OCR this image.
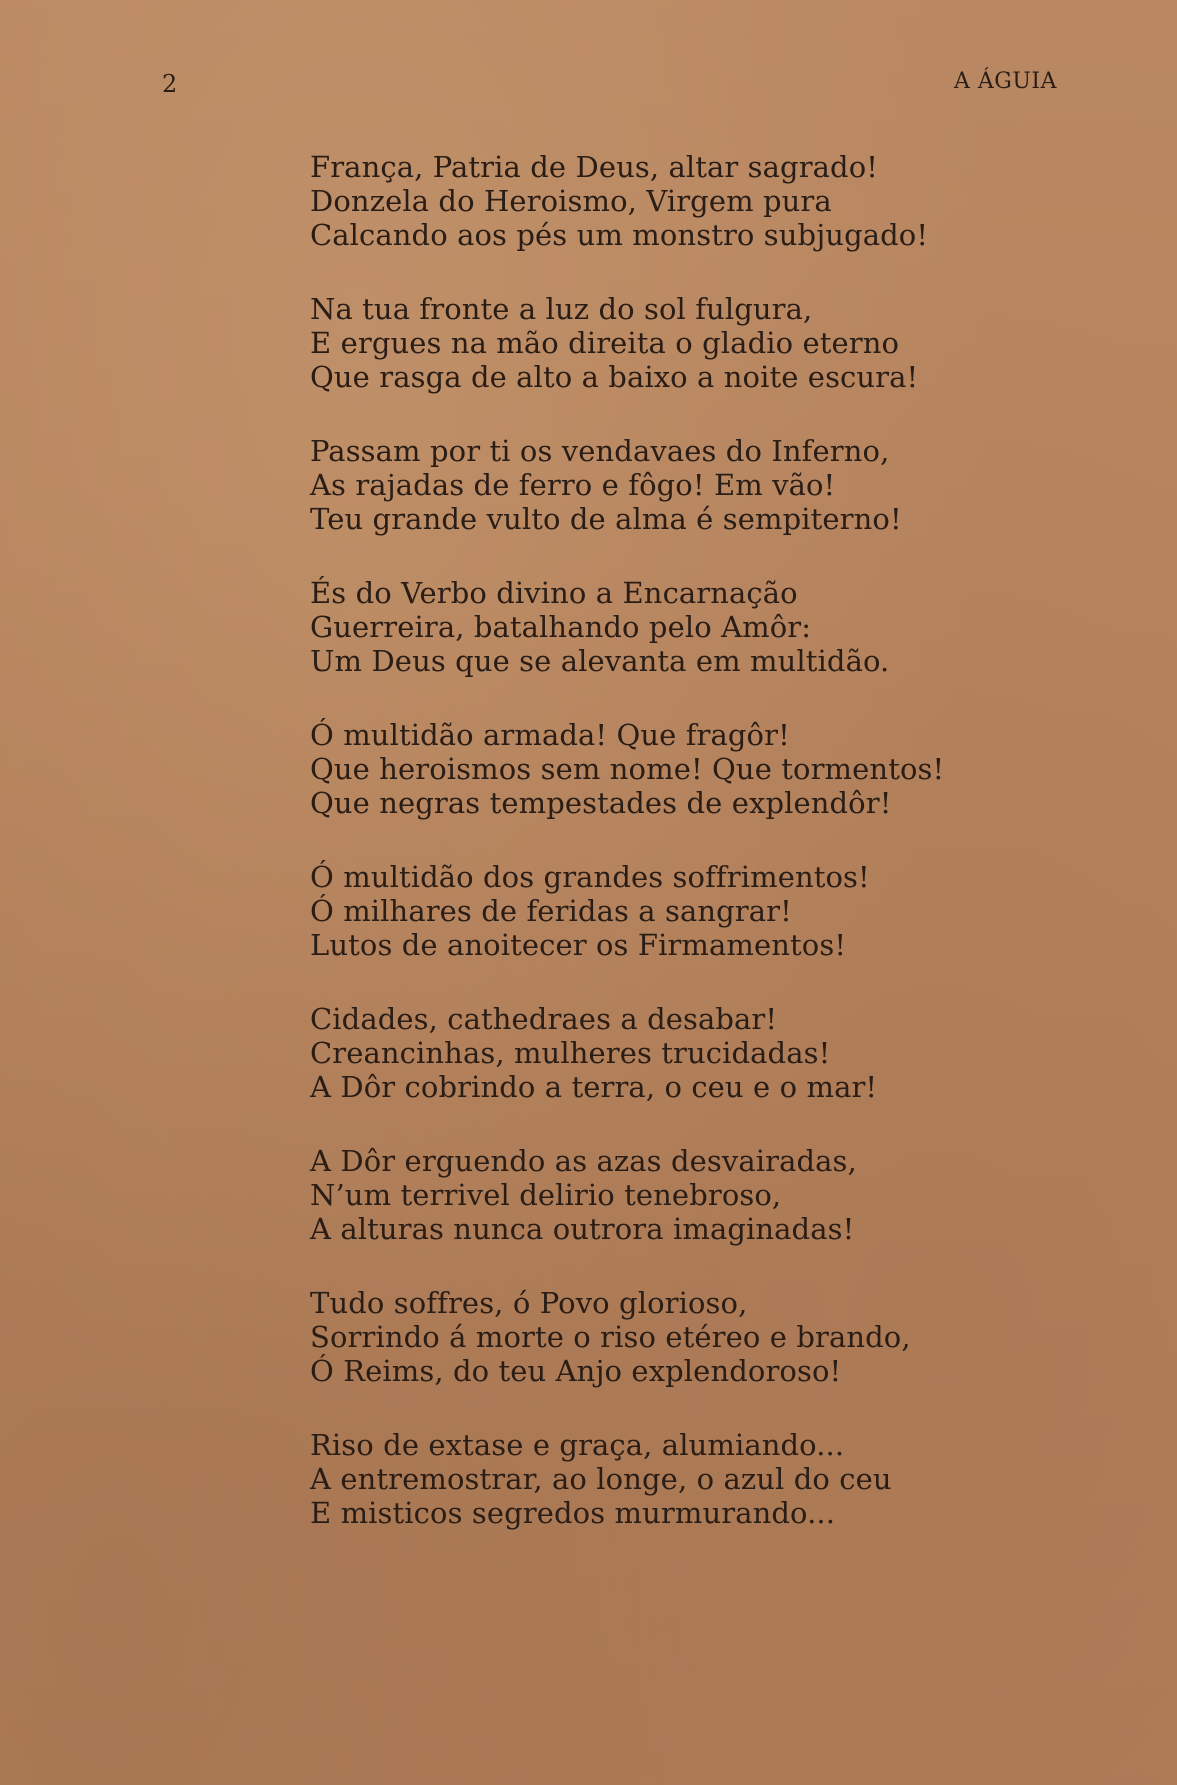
2	A ÁGUIA
França, Patria de Deus, altar sagrado!
Donzela do Heroismo, Virgem pura
Calcando aos pés um monstro subjugado!
Na tua fronte a luz do sol fulgura,
E ergues na mão direita o gladio eterno
Que rasga de alto a baixo a noite escura!
Passam por ti os vendavaes do Inferno,
As rajadas de ferro e fôgo! Em vão!
Teu grande vulto de alma é sempiterno!
És do Verbo divino a Encarnação
Guerreira, batalhando pelo Amôr:
Um Deus que se alevanta em multidão.
Ó multidão armada! Que fragôr!
Que heroismos sem nome! Que tormentos!
Que negras tempestades de explendôr!
Ó multidão dos grandes soffrimentos!
Ó milhares de feridas a sangrar!
Lutos de anoitecer os Firmamentos!
Cidades, cathedraes a desabar!
Creancinhas, mulheres trucidadas!
A Dôr cobrindo a terra, o ceu e o mar!
A Dôr erguendo as azas desvairadas,
N’um terrivel delirio tenebroso,
A alturas nunca outrora imaginadas!
Tudo soffres, ó Povo glorioso,
Sorrindo á morte o riso etéreo e brando,
Ó Reims, do teu Anjo explendoroso!
Riso de extase e graça, alumiando...
A entremostrar, ao longe, o azul do ceu
E misticos segredos murmurando...
